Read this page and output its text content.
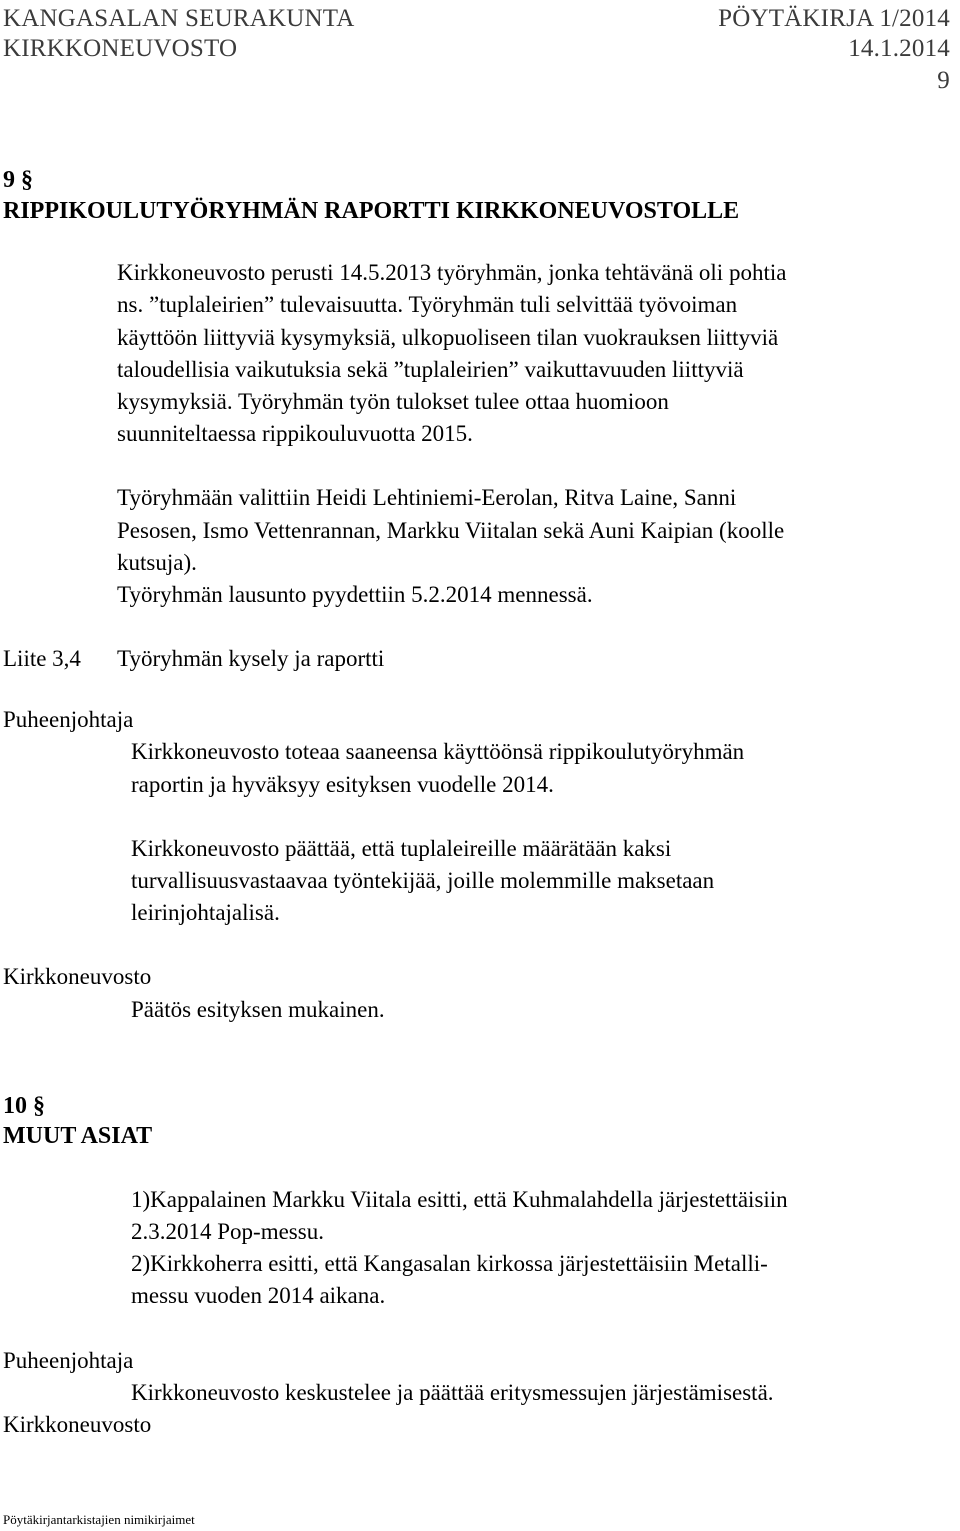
KANGASALAN SEURAKUNTA	PÖYTÄKIRJA 1/2014
KIRKKONEUVOSTO	14.1.2014
9
9 §
RIPPIKOULUTYÖRYHMÄN RAPORTTI KIRKKONEUVOSTOLLE
Kirkkoneuvosto perusti 14.5.2013 työryhmän, jonka tehtävänä oli pohtia
ns. ”tuplaleirien” tulevaisuutta. Työryhmän tuli selvittää työvoiman
käyttöön liittyviä kysymyksiä, ulkopuoliseen tilan vuokrauksen liittyviä
taloudellisia vaikutuksia sekä ”tuplaleirien” vaikuttavuuden liittyviä
kysymyksiä. Työryhmän työn tulokset tulee ottaa huomioon
suunniteltaessa rippikouluvuotta 2015.
Työryhmään valittiin Heidi Lehtiniemi-Eerolan, Ritva Laine, Sanni
Pesosen, Ismo Vettenrannan, Markku Viitalan sekä Auni Kaipian (koolle
kutsuja).
Työryhmän lausunto pyydettiin 5.2.2014 mennessä.
Liite 3,4 Työryhmän kysely ja raportti
Puheenjohtaja
Kirkkoneuvosto toteaa saaneensa käyttöönsä rippikoulutyöryhmän
raportin ja hyväksyy esityksen vuodelle 2014.
Kirkkoneuvosto päättää, että tuplaleireille määrätään kaksi
turvallisuusvastaavaa työntekijää, joille molemmille maksetaan
leirinjohtajalisä.
Kirkkoneuvosto
Päätös esityksen mukainen.
10 §
MUUT ASIAT
1)Kappalainen Markku Viitala esitti, että Kuhmalahdella järjestettäisiin
2.3.2014 Pop-messu.
2)Kirkkoherra esitti, että Kangasalan kirkossa järjestettäisiin Metalli-
messu vuoden 2014 aikana.
Puheenjohtaja
Kirkkoneuvosto keskustelee ja päättää eritysmessujen järjestämisestä.
Kirkkoneuvosto
Pöytäkirjantarkistajien nimikirjaimet
